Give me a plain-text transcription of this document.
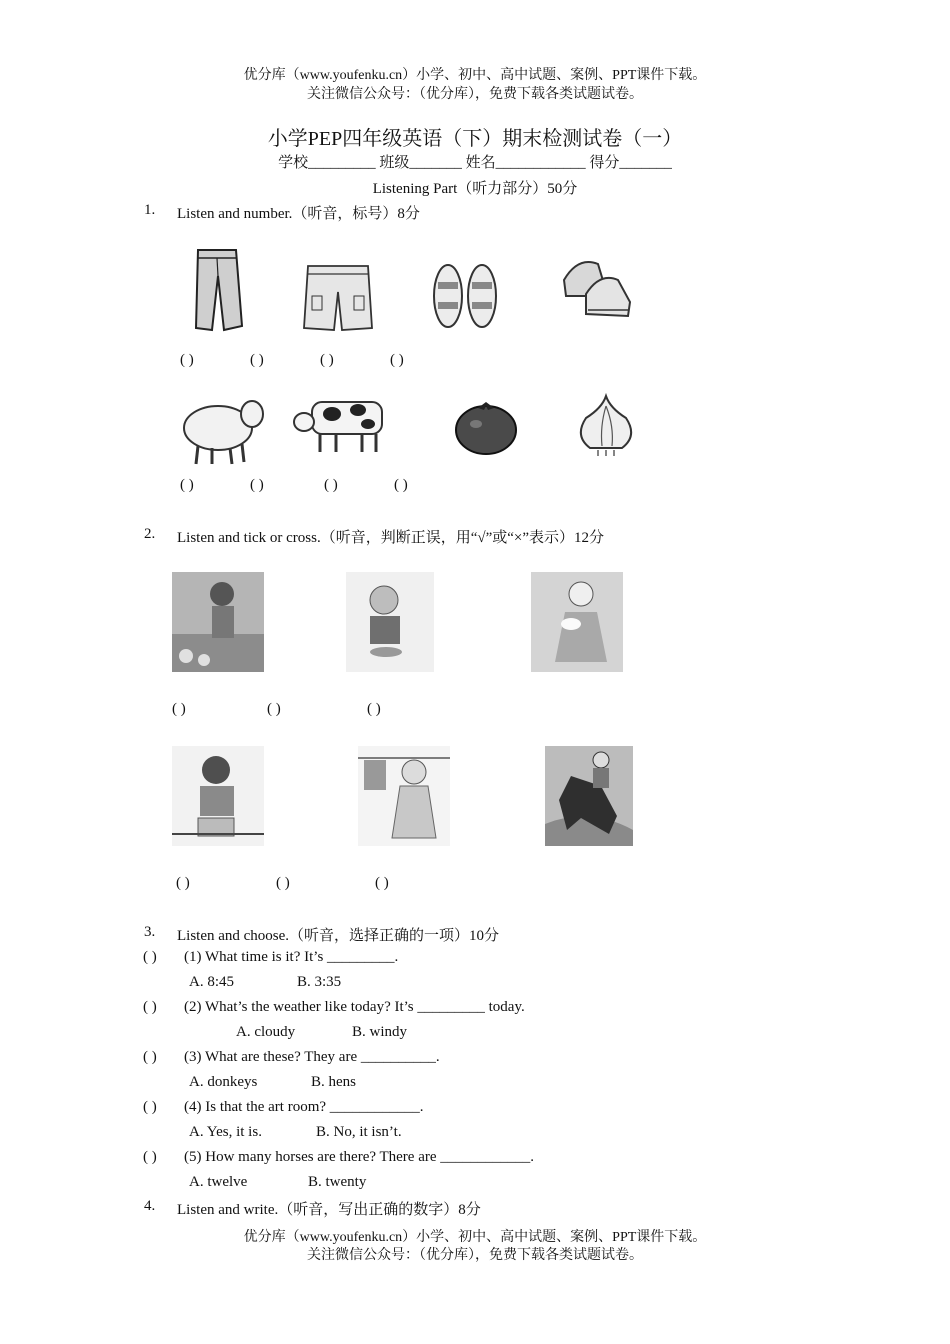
优分库（www.youfenku.cn）小学、初中、高中试题、案例、PPT课件下载。
关注微信公众号：（优分库），免费下载各类试题试卷。
小学PEP四年级英语（下）期末检测试卷（一）
学校_________ 班级_______ 姓名____________ 得分_______
Listening Part（听力部分）50分
1. Listen and number.（听音，标号）8分
( )	( )	( )	( )
( )	( )	( )	( )
2. Listen and tick or cross.（听音，判断正误，用“√”或“×”表示）12分
( )	( )	( )
( )	( )	( )
3. Listen and choose.（听音，选择正确的一项）10分
( ) (1) What time is it? It’s _________.
A. 8:45	B. 3:35
( ) (2) What’s the weather like today? It’s _________ today.
A. cloudy	B. windy
( ) (3) What are these? They are __________.
A. donkeys	B. hens
( ) (4) Is that the art room? ____________.
A. Yes, it is.	B. No, it isn’t.
( ) (5) How many horses are there? There are ____________.
A. twelve	B. twenty
4. Listen and write.（听音，写出正确的数字）8分
优分库（www.youfenku.cn）小学、初中、高中试题、案例、PPT课件下载。
关注微信公众号：（优分库），免费下载各类试题试卷。
